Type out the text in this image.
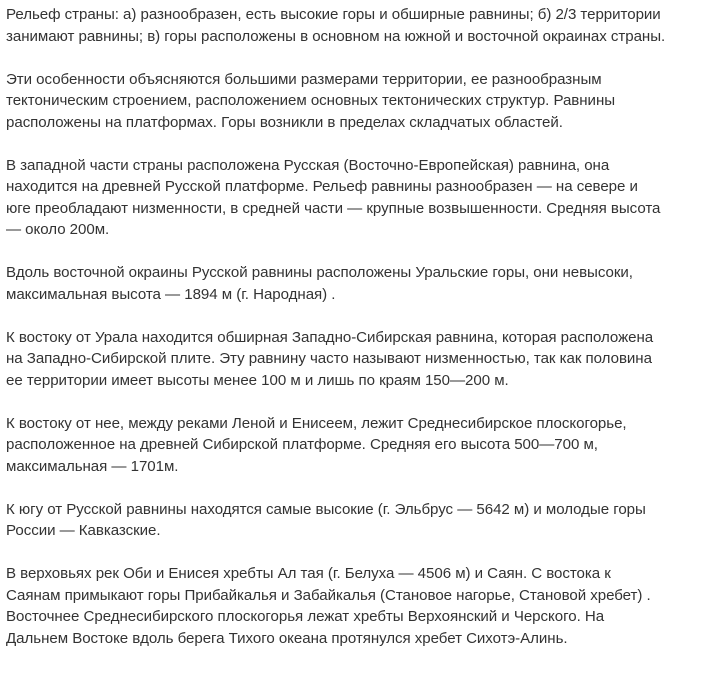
Рельеф страны: а) разнообразен, есть высокие горы и обширные равнины; б) 2/3 территории
занимают равнины; в) горы расположены в основном на южной и восточной окраинах страны.

Эти особенности объясняются большими размерами территории, ее разнообразным
тектоническим строением, расположением основных тектонических структур. Равнины
расположены на платформах. Горы возникли в пределах складчатых областей.

В западной части страны расположена Русская (Восточно-Европейская) равнина, она
находится на древней Русской платформе. Рельеф равнины разнообразен — на севере и
юге преобладают низменности, в средней части — крупные возвышенности. Средняя высота
— около 200м.

Вдоль восточной окраины Русской равнины расположены Уральские горы, они невысоки,
максимальная высота — 1894 м (г. Народная) .

К востоку от Урала находится обширная Западно-Сибирская равнина, которая расположена
на Западно-Сибирской плите. Эту равнину часто называют низменностью, так как половина
ее территории имеет высоты менее 100 м и лишь по краям 150—200 м.

К востоку от нее, между реками Леной и Енисеем, лежит Среднесибирское плоскогорье,
расположенное на древней Сибирской платформе. Средняя его высота 500—700 м,
максимальная — 1701м.

К югу от Русской равнины находятся самые высокие (г. Эльбрус — 5642 м) и молодые горы
России — Кавказские.

В верховьях рек Оби и Енисея хребты Ал тая (г. Белуха — 4506 м) и Саян. С востока к
Саянам примыкают горы Прибайкалья и Забайкалья (Становое нагорье, Становой хребет) .
Восточнее Среднесибирского плоскогорья лежат хребты Верхоянский и Черского. На
Дальнем Востоке вдоль берега Тихого океана протянулся хребет Сихотэ-Алинь.
